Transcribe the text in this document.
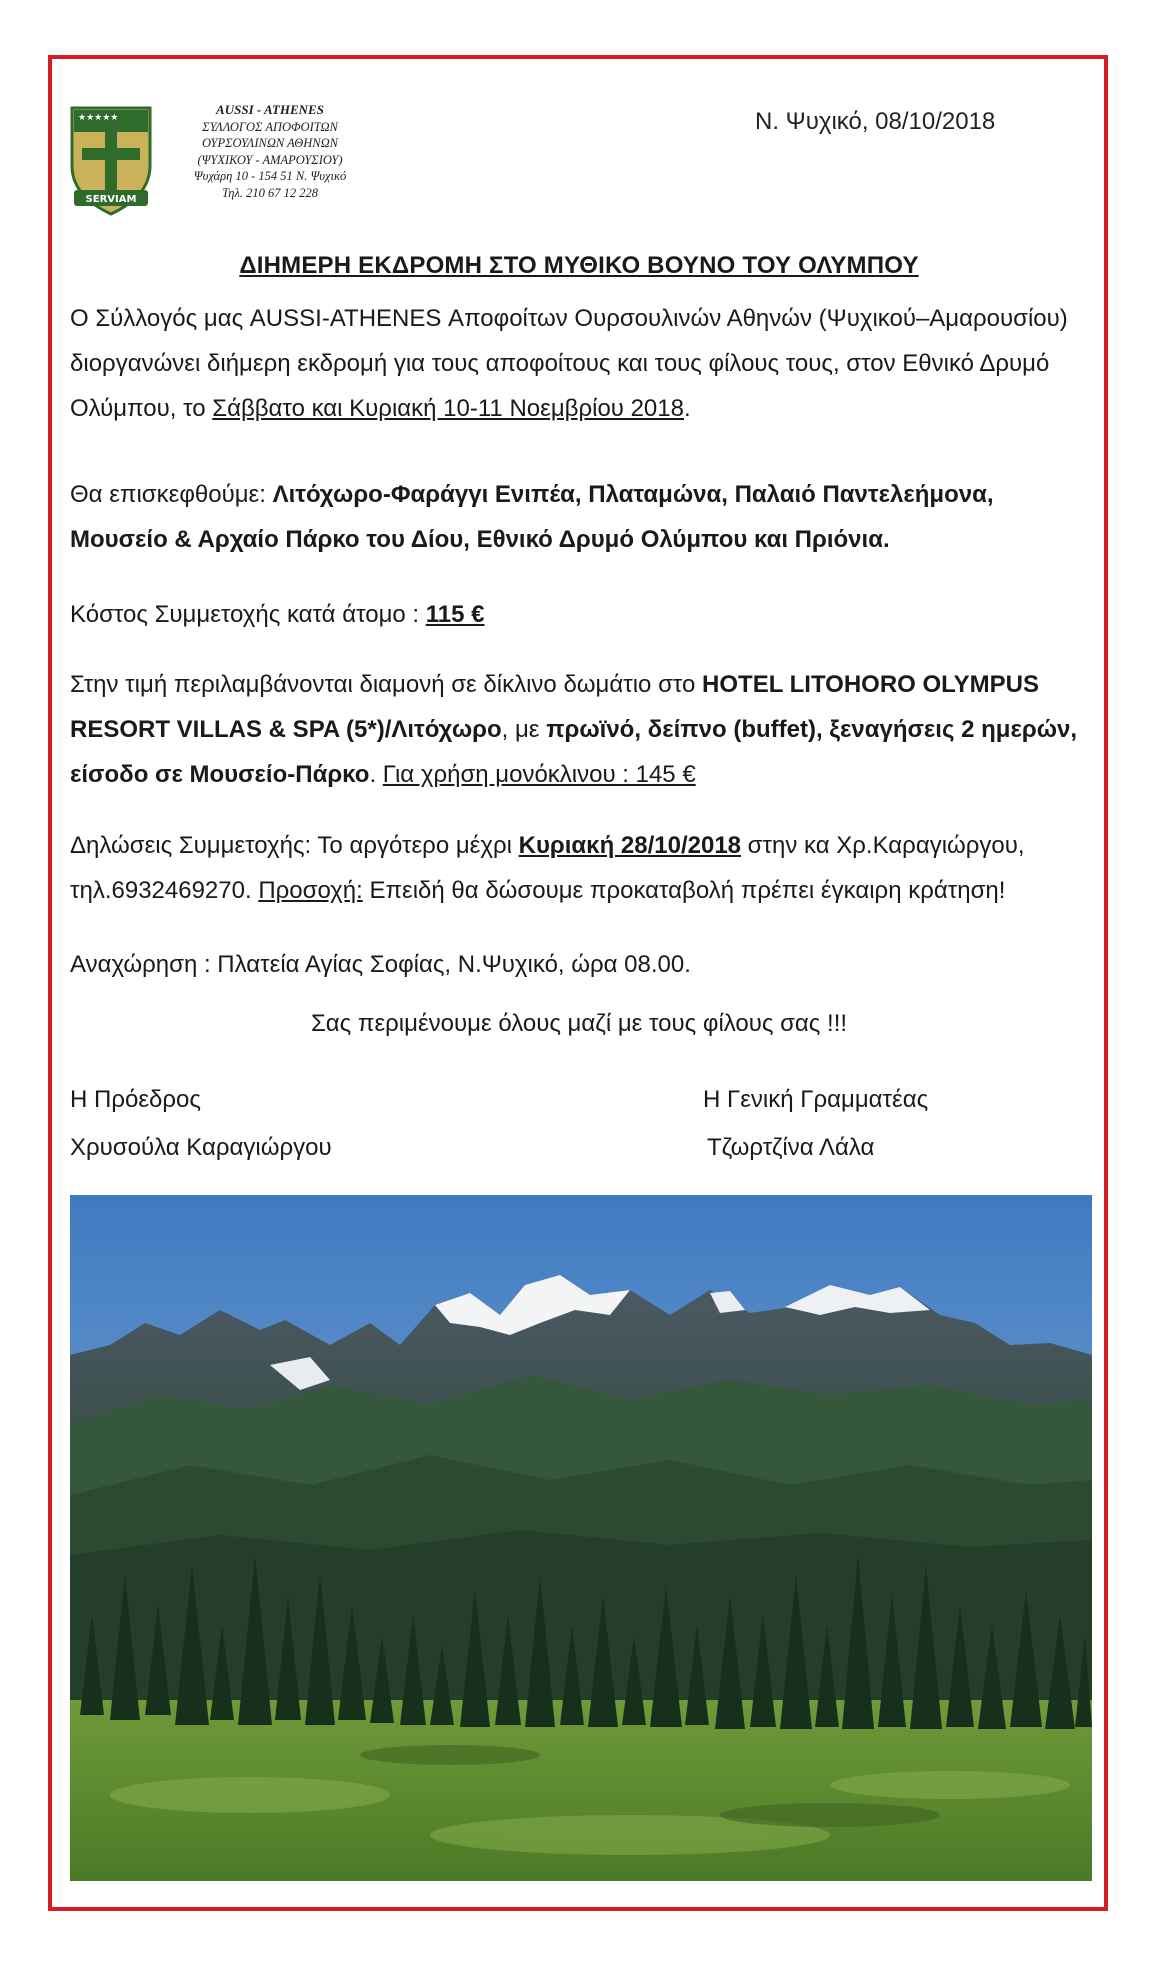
★★★★★
SERVIAM
AUSSI - ATHENES
ΣΥΛΛΟΓΟΣ ΑΠΟΦΟΙΤΩΝ
ΟΥΡΣΟΥΛΙΝΩΝ ΑΘΗΝΩΝ
(ΨΥΧΙΚΟΥ - ΑΜΑΡΟΥΣΙΟΥ)
Ψυχάρη 10 - 154 51 Ν. Ψυχικό
Τηλ. 210 67 12 228
Ν. Ψυχικό, 08/10/2018
ΔΙΗΜΕΡΗ ΕΚΔΡΟΜΗ ΣΤΟ ΜΥΘΙΚΟ ΒΟΥΝΟ ΤΟΥ ΟΛΥΜΠΟΥ
Ο Σύλλογός μας AUSSI-ATHENES Αποφοίτων Ουρσουλινών Αθηνών (Ψυχικού–Αμαρουσίου) διοργανώνει διήμερη εκδρομή για τους αποφοίτους και τους φίλους τους, στον Εθνικό Δρυμό Ολύμπου, το Σάββατο και Κυριακή 10-11 Νοεμβρίου 2018.
Θα επισκεφθούμε: Λιτόχωρο-Φαράγγι Ενιπέα, Πλαταμώνα, Παλαιό Παντελεήμονα, Μουσείο & Αρχαίο Πάρκο του Δίου, Εθνικό Δρυμό Ολύμπου και Πριόνια.
Κόστος Συμμετοχής κατά άτομο : 115 €
Στην τιμή περιλαμβάνονται διαμονή σε δίκλινο δωμάτιο στο HOTEL LITOHORO OLYMPUS RESORT VILLAS & SPA (5*)/Λιτόχωρο, με πρωϊνό, δείπνο (buffet), ξεναγήσεις 2 ημερών, είσοδο σε Μουσείο-Πάρκο. Για χρήση μονόκλινου : 145 €
Δηλώσεις Συμμετοχής: Το αργότερο μέχρι Κυριακή 28/10/2018 στην κα Χρ.Καραγιώργου, τηλ.6932469270. Προσοχή: Επειδή θα δώσουμε προκαταβολή πρέπει έγκαιρη κράτηση!
Αναχώρηση : Πλατεία Αγίας Σοφίας, Ν.Ψυχικό, ώρα 08.00.
Σας περιμένουμε όλους μαζί με τους φίλους σας !!!
Η Πρόεδρος
Χρυσούλα Καραγιώργου
Η Γενική Γραμματέας
Τζωρτζίνα Λάλα
